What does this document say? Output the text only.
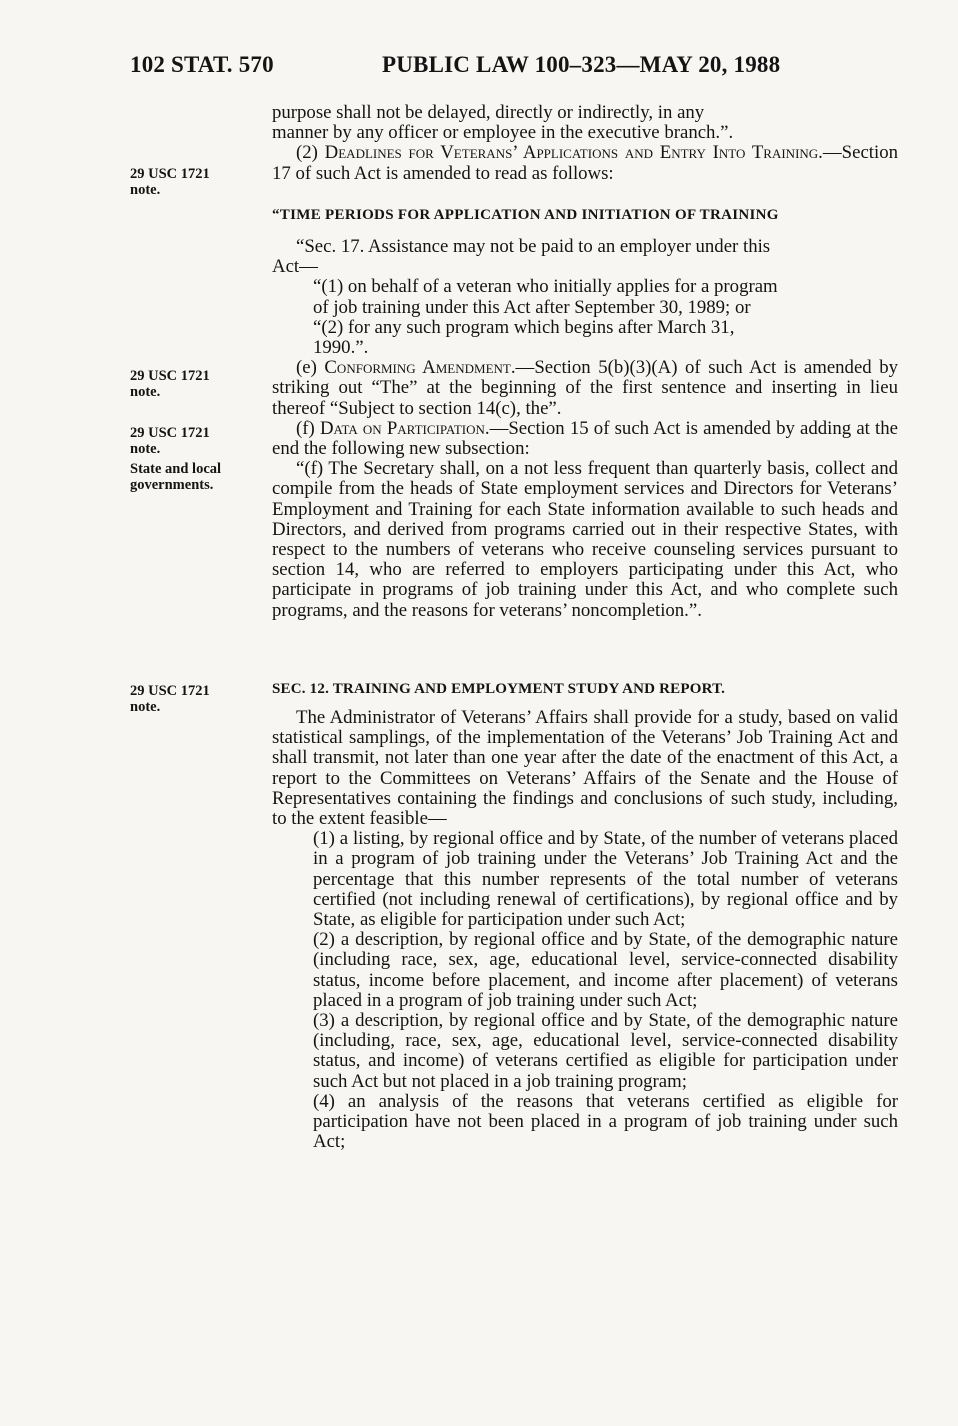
102 STAT. 570	PUBLIC LAW 100–323—MAY 20, 1988
29 USC 1721
note.
29 USC 1721
note.
29 USC 1721
note.
State and local
governments.
29 USC 1721
note.

purpose shall not be delayed, directly or indirectly, in any

manner by any officer or employee in the executive branch.”.

(2) Deadlines for Veterans’ Applications and Entry Into Training.—Section 17 of such Act is amended to read as follows:

“TIME PERIODS FOR APPLICATION AND INITIATION OF TRAINING

“Sec. 17. Assistance may not be paid to an employer under this

Act—

“(1) on behalf of a veteran who initially applies for a program

of job training under this Act after September 30, 1989; or

“(2) for any such program which begins after March 31,

1990.”.

(e) Conforming Amendment.—Section 5(b)(3)(A) of such Act is amended by striking out “The” at the beginning of the first sentence and inserting in lieu thereof “Subject to section 14(c), the”.

(f) Data on Participation.—Section 15 of such Act is amended by adding at the end the following new subsection:

“(f) The Secretary shall, on a not less frequent than quarterly basis, collect and compile from the heads of State employment services and Directors for Veterans’ Employment and Training for each State information available to such heads and Directors, and derived from programs carried out in their respective States, with respect to the numbers of veterans who receive counseling services pursuant to section 14, who are referred to employers participating under this Act, who participate in programs of job training under this Act, and who complete such programs, and the reasons for veterans’ noncompletion.”.

SEC. 12. TRAINING AND EMPLOYMENT STUDY AND REPORT.

The Administrator of Veterans’ Affairs shall provide for a study, based on valid statistical samplings, of the implementation of the Veterans’ Job Training Act and shall transmit, not later than one year after the date of the enactment of this Act, a report to the Committees on Veterans’ Affairs of the Senate and the House of Representatives containing the findings and conclusions of such study, including, to the extent feasible—

(1) a listing, by regional office and by State, of the number of veterans placed in a program of job training under the Veterans’ Job Training Act and the percentage that this number represents of the total number of veterans certified (not including renewal of certifications), by regional office and by State, as eligible for participation under such Act;

(2) a description, by regional office and by State, of the demographic nature (including race, sex, age, educational level, service-connected disability status, income before placement, and income after placement) of veterans placed in a program of job training under such Act;

(3) a description, by regional office and by State, of the demographic nature (including, race, sex, age, educational level, service-connected disability status, and income) of veterans certified as eligible for participation under such Act but not placed in a job training program;

(4) an analysis of the reasons that veterans certified as eligible for participation have not been placed in a program of job training under such Act;
